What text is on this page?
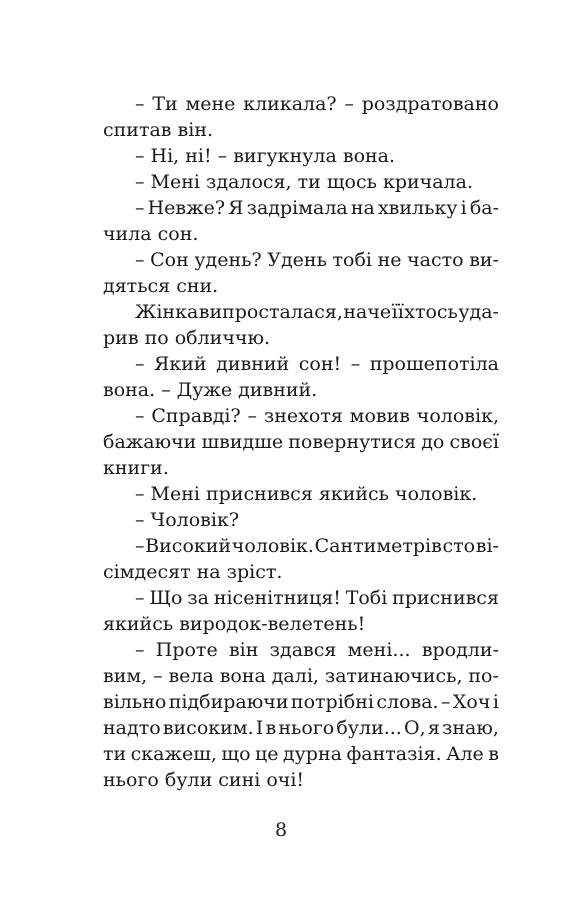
– Ти мене кликала? – роздратовано
спитав він.
– Ні, ні! – вигукнула вона.
– Мені здалося, ти щось кричала.
– Невже? Я задрімала на хвильку і ба-
чила сон.
– Сон удень? Удень тобі не часто ви-
дяться сни.
Жінка випросталася, наче її хтось уда-
рив по обличчю.
– Який дивний сон! – прошепотіла
вона. – Дуже дивний.
– Справді? – знехотя мовив чоловік,
бажаючи швидше повернутися до своєї
книги.
– Мені приснився якийсь чоловік.
– Чоловік?
– Високий чоловік. Сантиметрів сто ві-
сімдесят на зріст.
– Що за нісенітниця! Тобі приснився
якийсь виродок-велетень!
– Проте він здався мені... вродли-
вим, – вела вона далі, затинаючись, по-
вільно підбираючи потрібні слова. – Хоч і
надто високим. І в нього були... О, я знаю,
ти скажеш, що це дурна фантазія. Але в
нього були сині очі!
8
